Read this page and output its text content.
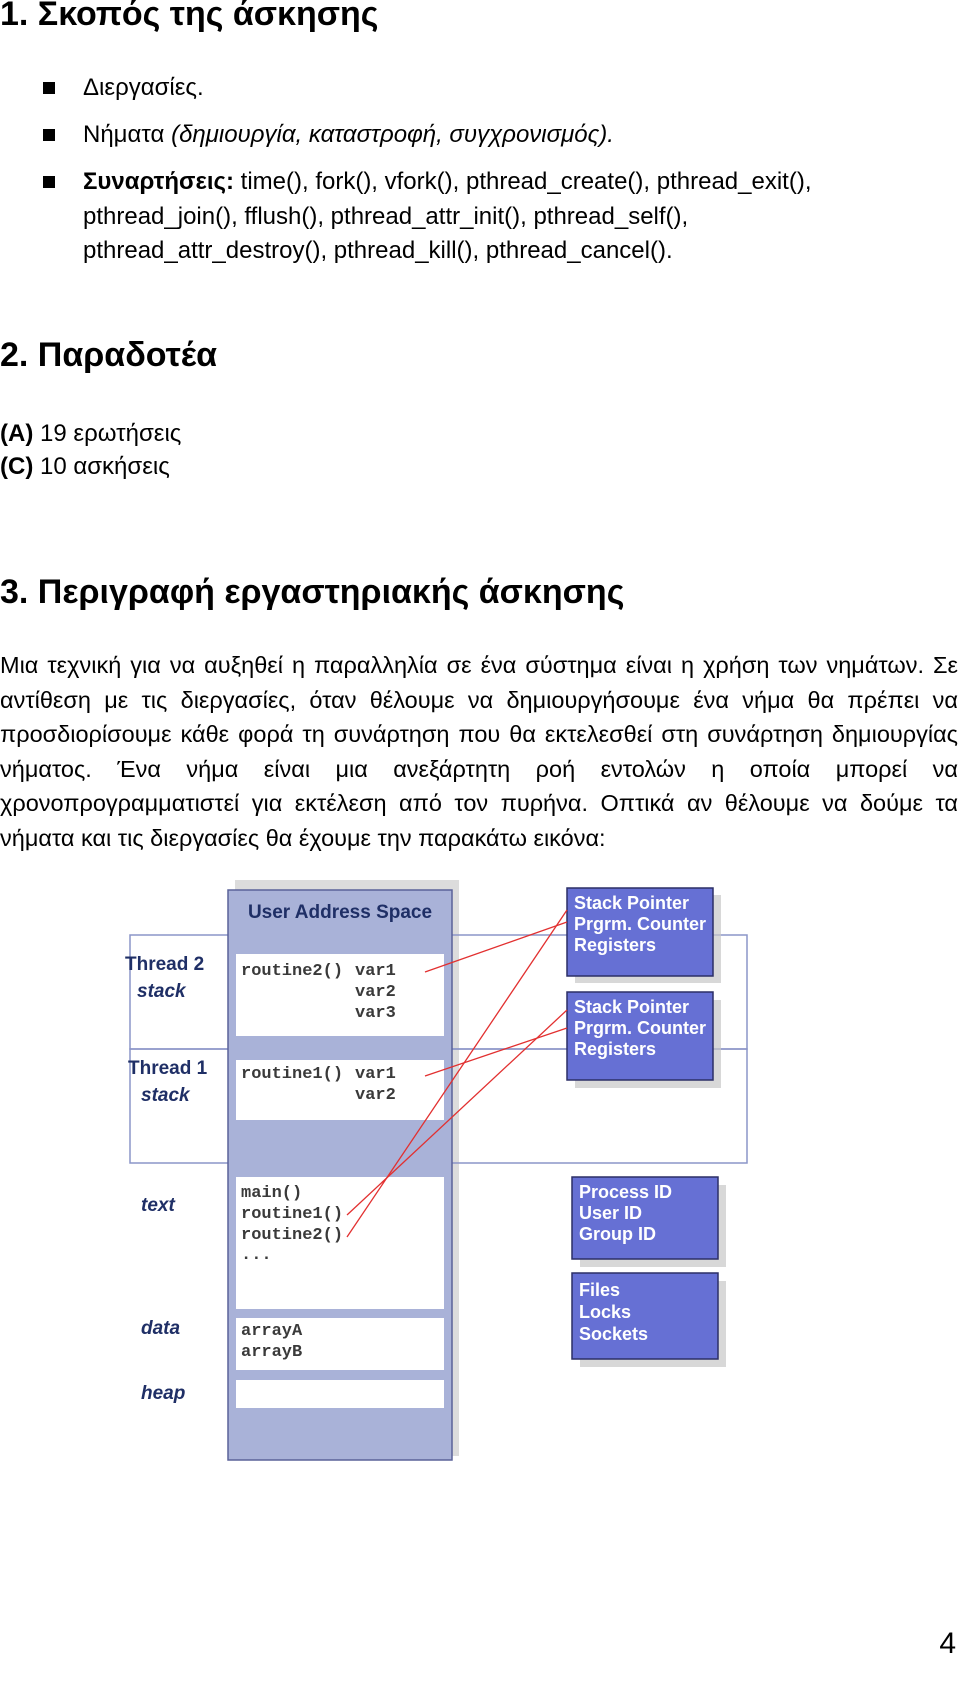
1. Σκοπός της άσκησης
Διεργασίες.
Νήματα (δημιουργία, καταστροφή, συγχρονισμός).
Συναρτήσεις: time(), fork(), vfork(), pthread_create(), pthread_exit(),
pthread_join(), fflush(), pthread_attr_init(), pthread_self(),
pthread_attr_destroy(), pthread_kill(), pthread_cancel().
2. Παραδοτέα
(A) 19 ερωτήσεις
(C) 10 ασκήσεις
3. Περιγραφή εργαστηριακής άσκησης
Μια τεχνική για να αυξηθεί η παραλληλία σε ένα σύστημα είναι η χρήση των νημάτων. Σε αντίθεση με τις διεργασίες, όταν θέλουμε να δημιουργήσουμε ένα νήμα θα πρέπει να προσδιορίσουμε κάθε φορά τη συνάρτηση που θα εκτελεσθεί στη συνάρτηση δημιουργίας νήματος. Ένα νήμα είναι μια ανεξάρτητη ροή εντολών η οποία μπορεί να χρονοπρογραμματιστεί για εκτέλεση από τον πυρήνα. Οπτικά αν θέλουμε να δούμε τα νήματα και τις διεργασίες θα έχουμε την παρακάτω εικόνα:
User Address Space
Thread 2
stack
Thread 1
stack
text
data
heap
routine2() var1
var2
var3
routine1() var1
var2
main()
routine1()
routine2()
...
arrayA
arrayB
Stack Pointer
Prgrm. Counter
Registers
Stack Pointer
Prgrm. Counter
Registers
Process ID
User ID
Group ID
Files
Locks
Sockets
4
